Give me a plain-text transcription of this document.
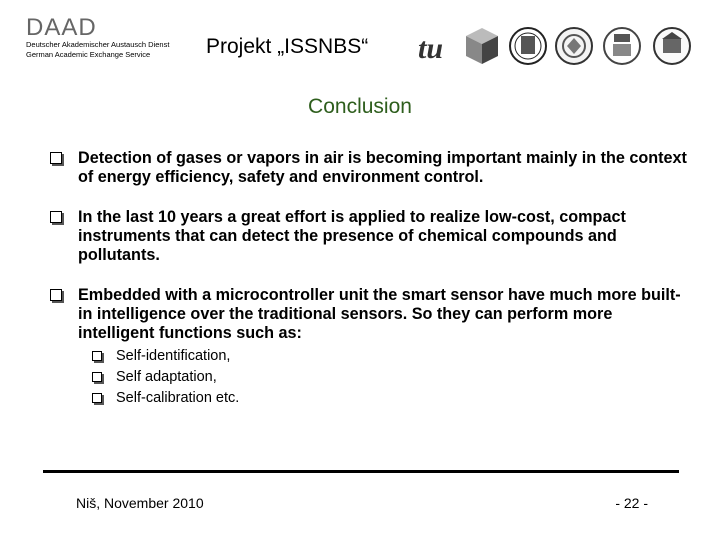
DAAD
Deutscher Akademischer Austausch Dienst
German Academic Exchange Service	Projekt „ISSNBS“ tu
Conclusion
Detection of gases or vapors in air is becoming important mainly in the context of energy efficiency, safety and environment control.
In the last 10 years a great effort is applied to realize low-cost, compact instruments that can detect the presence of chemical compounds and pollutants.
Embedded with a microcontroller unit the smart sensor have much more built-in intelligence over the traditional sensors. So they can perform more intelligent functions such as:
Self-identification,
Self adaptation,
Self-calibration etc.
Niš, November 2010	- 22 -
